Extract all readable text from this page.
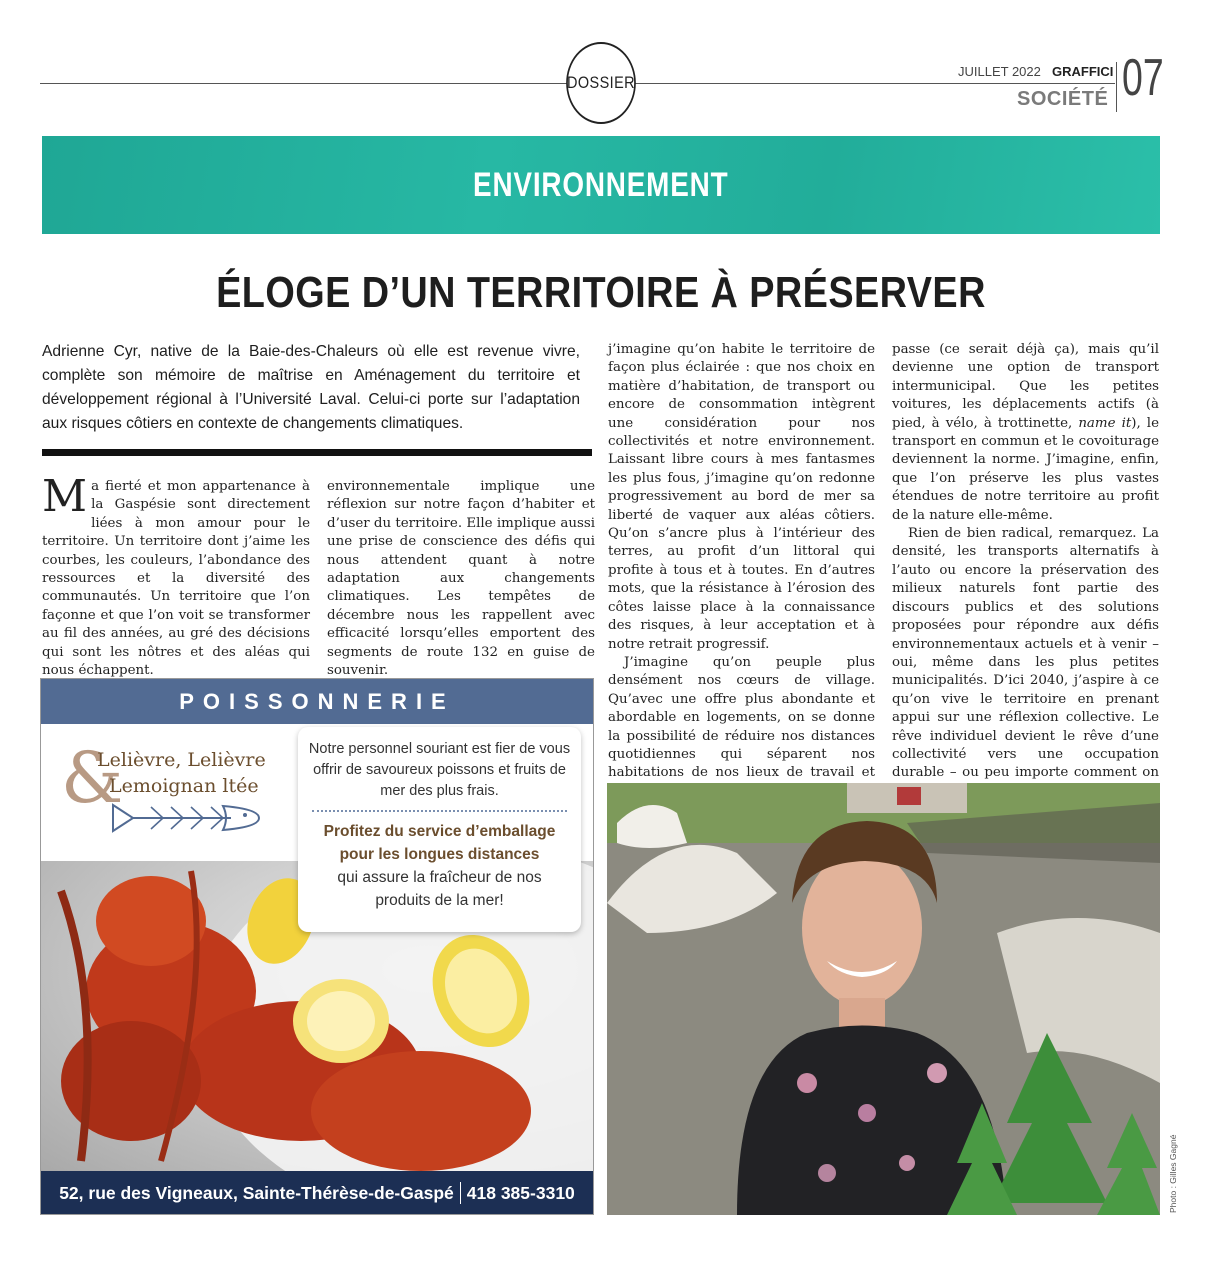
DOSSIER
JUILLET 2022 GRAFFICI
SOCIÉTÉ 07
ENVIRONNEMENT
ÉLOGE D’UN TERRITOIRE À PRÉSERVER
Adrienne Cyr, native de la Baie-des-Chaleurs où elle est revenue vivre, complète son mémoire de maîtrise en Aménagement du territoire et développement régional à l’Université Laval. Celui-ci porte sur l’adaptation aux risques côtiers en contexte de changements climatiques.

Ma fierté et mon appartenance à la Gaspésie sont directement liées à mon amour pour le territoire. Un territoire dont j’aime les courbes, les couleurs, l’abondance des ressources et la diversité des communautés. Un territoire que l’on façonne et que l’on voit se transformer au fil des années, au gré des décisions qui sont les nôtres et des aléas qui nous échappent.

environnementale implique une réflexion sur notre façon d’habiter et d’user du territoire. Elle implique aussi une prise de conscience des défis qui nous attendent quant à notre adaptation aux changements climatiques. Les tempêtes de décembre nous les rappellent avec efficacité lorsqu’elles emportent des segments de route 132 en guise de souvenir.

j’imagine qu’on habite le territoire de façon plus éclairée : que nos choix en matière d’habitation, de transport ou encore de consommation intègrent une considération pour nos collectivités et notre environnement. Laissant libre cours à mes fantasmes les plus fous, j’imagine qu’on redonne progressivement au bord de mer sa liberté de vaquer aux aléas côtiers. Qu’on s’ancre plus à l’intérieur des terres, au profit d’un littoral qui profite à tous et à toutes. En d’autres mots, que la résistance à l’érosion des côtes laisse place à la connaissance des risques, à leur acceptation et à notre retrait progressif.

J’imagine qu’on peuple plus densément nos cœurs de village. Qu’avec une offre plus abondante et abordable en logements, on se donne la possibilité de réduire nos distances quotidiennes qui séparent nos habitations de nos lieux de travail et

passe (ce serait déjà ça), mais qu’il devienne une option de transport intermunicipal. Que les petites voitures, les déplacements actifs (à pied, à vélo, à trottinette, name it), le transport en commun et le covoiturage deviennent la norme. J’imagine, enfin, que l’on préserve les plus vastes étendues de notre territoire au profit de la nature elle-même.

Rien de bien radical, remarquez. La densité, les transports alternatifs à l’auto ou encore la préservation des milieux naturels font partie des discours publics et des solutions proposées pour répondre aux défis environnementaux actuels et à venir – oui, même dans les plus petites municipalités. D’ici 2040, j’aspire à ce qu’on vive le territoire en prenant appui sur une réflexion collective. Le rêve individuel devient le rêve d’une collectivité vers une occupation durable – ou peu importe comment on

POISSONNERIE
&
Lelièvre, Lelièvre
Lemoignan ltée
Notre personnel souriant est fier de vous offrir de savoureux poissons et fruits de mer des plus frais.
Profitez du service d’emballage pour les longues distances
qui assure la fraîcheur de nos produits de la mer!
52, rue des Vigneaux, Sainte-Thérèse-de-Gaspé 418 385-3310	Photo : Gilles Gagné
